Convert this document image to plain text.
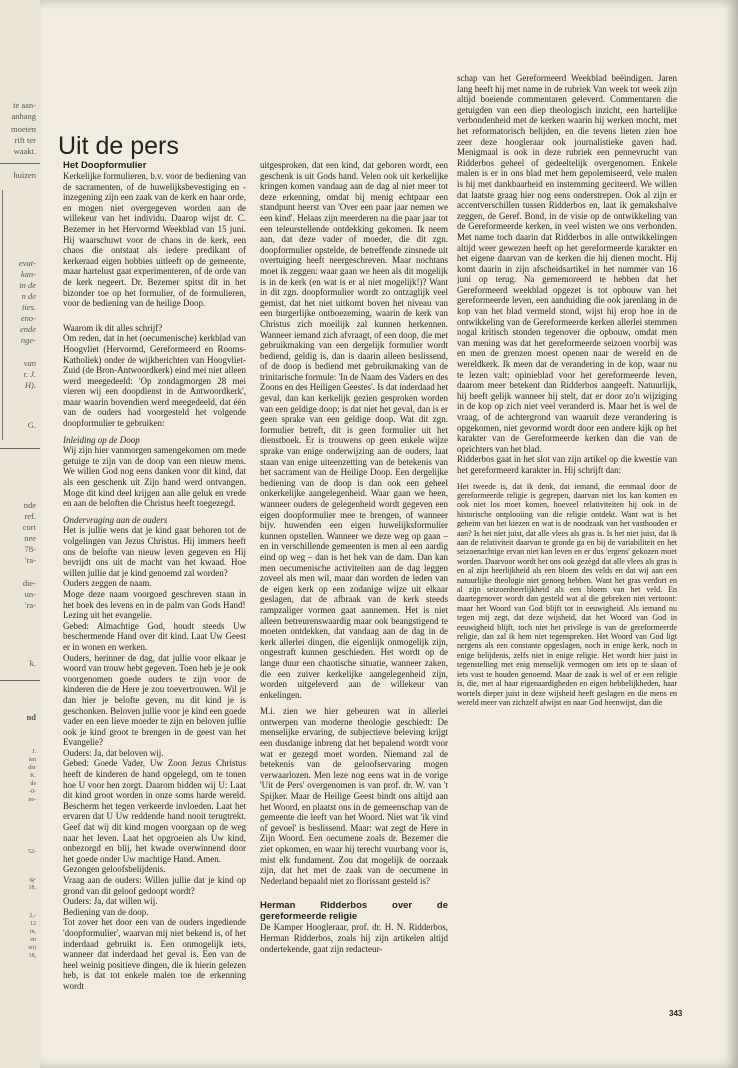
te aan-
anhang
moeten
rift ter
waakt.
huizen
evat-
kan-
in de
n de
ties.
eno-
ende
nge-
van
r. J.
H).
G.
nde
ref.
cort
nee
78-
'ra-
die-
un-
'ra-
k.
nd
J.
ten
der
K.
de
-0-
ne-
52-
ig-
18,
2,-
12
in,
en
en)
18,
Uit de pers

Het Doopformulier

Kerkelijke formulieren, b.v. voor de bediening van de sacramenten, of de huwelijksbevestiging en -inzegening zijn een zaak van de kerk en haar orde, en mogen niet overgegeven worden aan de willekeur van het individu. Daarop wijst dr. C. Bezemer in het Hervormd Weekblad van 15 juni. Hij waarschuwt voor de chaos in de kerk, een chaos die ontstaat als iedere predikant of kerkeraad eigen hobbies uitleeft op de gemeente, maar hartelust gaat experimenteren, of de orde van de kerk negeert. Dr. Bezemer spitst dit in het bizonder toe op het formulier, of de formulieren, voor de bediening van de heilige Doop.

Waarom ik dit alles schrijf?

Om reden, dat in het (oecumenische) kerkblad van Hoogvliet (Hervormd, Gereformeerd en Rooms-Katholiek) onder de wijkberichten van Hoogvliet-Zuid (de Bron-Antwoordkerk) eind mei niet alleen werd meegedeeld: 'Op zondagmorgen 28 mei vieren wij een doopdienst in de Antwoordkerk', maar waarin bovendien werd meegedeeld, dat één van de ouders had voorgesteld het volgende doopformulier te gebruiken:

Inleiding op de Doop

Wij zijn hier vanmorgen samengekomen om mede getuige te zijn van de doop van een nieuw mens. We willen God nog eens danken voor dit kind, dat als een geschenk uit Zijn hand werd ontvangen. Moge dit kind deel krijgen aan alle geluk en vrede en aan de beloften die Christus heeft toegezegd.

Ondervraging aan de ouders

Het is jullie wens dat je kind gaat behoren tot de volgelingen van Jezus Christus. Hij immers heeft ons de belofte van nieuw leven gegeven en Hij bevrijdt ons uit de macht van het kwaad. Hoe willen jullie dat je kind genoemd zal worden?

Ouders zeggen de naam.

Moge deze naam voorgoed geschreven staan in het boek des levens en in de palm van Gods Hand!

Lezing uit het evangelie.

Gebed: Almachtige God, houdt steeds Uw beschermende Hand over dit kind. Laat Uw Geest er in wonen en werken.

Ouders, herinner de dag, dat jullie voor elkaar je woord van trouw hebt gegeven. Toen heb je je ook voorgenomen goede ouders te zijn voor de kinderen die de Here je zou toevertrouwen. Wil je dan hier je belofte geven, nu dit kind je is geschonken. Beloven jullie voor je kind een goede vader en een lieve moeder te zijn en beloven jullie ook je kind groot te brengen in de geest van het Evangelie?

Ouders: Ja, dat beloven wij.

Gebed: Goede Vader, Uw Zoon Jezus Christus heeft de kinderen de hand opgelegd, om te tonen hoe U voor hen zorgt. Daarom bidden wij U: Laat dit kind groot worden in onze soms harde wereld. Bescherm het tegen verkeerde invloeden. Laat het ervaren dat U Uw reddende hand nooit terugtrekt. Geef dat wij dit kind mogen voorgaan op de weg naar het leven. Laat het opgroeien als Uw kind, onbezorgd en blij, het kwade overwinnend door het goede onder Uw machtige Hand. Amen.

Gezongen geloofsbelijdenis.

Vraag aan de ouders: Willen jullie dat je kind op grond van dit geloof gedoopt wordt?

Ouders: Ja, dat willen wij.

Bediening van de doop.

Tot zover het door een van de ouders ingediende 'doopformulier', waarvan mij niet bekend is, of het inderdaad gebruikt is. Een onmogelijk iets, wanneer dat inderdaad het geval is. Een van de heel weinig positieve dingen, die ik hierin gelezen heb, is dat tot enkele malen toe de erkenning wordt

uitgesproken, dat een kind, dat geboren wordt, een geschenk is uit Gods hand. Velen ook uit kerkelijke kringen komen vandaag aan de dag al niet meer tot deze erkenning, omdat bij menig echtpaar een standpunt heerst van 'Over een paar jaar nemen we een kind'. Helaas zijn meerderen na die paar jaar tot een teleurstellende ontdekking gekomen. Ik neem aan, dat deze vader of moeder, die dit zgn. doopformulier opstelde, de betreffende zinsnede uit overtuiging heeft neergeschreven. Maar nochtans moet ik zeggen: waar gaan we heen als dit mogelijk is in de kerk (en wat is er al niet mogelijk!)? Want in dit zgn. doopformulier wordt zo ontzaglijk veel gemist, dat het niet uitkomt boven het niveau van een burgerlijke ontboezeming, waarin de kerk van Christus zich moeilijk zal kunnen herkennen. Wanneer iemand zich afvraagt, of een doop, die met gebruikmaking van een dergelijk formulier wordt bediend, geldig is, dan is daarin alleen beslissend, of de doop is bediend met gebruikmaking van de trinitarische formule: 'In de Naam des Vaders en des Zoons en des Heiligen Geestes'. Is dat inderdaad het geval, dan kan kerkelijk gezien gesproken worden van een geldige doop; is dat niet het geval, dan is er geen sprake van een geldige doop. Wat dit zgn. formulier betreft, dit is geen formulier uit het dienstboek. Er is trouwens op geen enkele wijze sprake van enige onderwijzing aan de ouders, laat staan van enige uiteenzetting van de betekenis van het sacrament van de Heilige Doop. Een dergelijke bediening van de doop is dan ook een geheel onkerkelijke aangelegenheid. Waar gaan we heen, wanneer ouders de gelegenheid wordt gegeven een eigen doopformulier mee te brengen, of wanneer bijv. huwenden een eigen huwelijksformulier kunnen opstellen. Wanneer we deze weg op gaan – en in verschillende gemeenten is men al een aardig eind op weg – dan is het hek van de dam. Dan kan men oecumenische activiteiten aan de dag leggen zoveel als men wil, maar dan worden de leden van de eigen kerk op een zodanige wijze uit elkaar geslagen, dat de afbraak van de kerk steeds rampzaliger vormen gaat aannemen. Het is niet alleen betreurenswaardig maar ook beangstigend te moeten ontdekken, dat vandaag aan de dag in de kerk allerlei dingen, die eigenlijk onmogelijk zijn, ongestraft kunnen geschieden. Het wordt op de lange duur een chaotische situatie, wanneer zaken, die een zuiver kerkelijke aangelegenheid zijn, worden uitgeleverd aan de willekeur van enkelingen.

M.i. zien we hier gebeuren wat in allerlei ontwerpen van moderne theologie geschiedt: De menselijke ervaring, de subjectieve beleving krijgt een dusdanige inbreng dat het bepalend wordt voor wat er gezegd moet worden. Niemand zal de betekenis van de geloofservaring mogen verwaarlozen. Men leze nog eens wat in de vorige 'Uit de Pers' overgenomen is van prof. dr. W. van 't Spijker. Maar de Heilige Geest bindt ons altijd aan het Woord, en plaatst ons in de gemeenschap van de gemeente die leeft van het Woord. Niet wat 'ik vind of gevoel' is beslissend. Maar: wat zegt de Here in Zijn Woord. Een oecumene zoals dr. Bezemer die ziet opkomen, en waar hij terecht vuurbang voor is, mist elk fundament. Zou dat mogelijk de oorzaak zijn, dat het met de zaak van de oecumene in Nederland bepaald niet zo florissant gesteld is?

Herman Ridderbos over de gereformeerde religie

De Kamper Hoogleraar, prof. dr. H. N. Ridderbos, Herman Ridderbos, zoals hij zijn artikelen altijd ondertekende, gaat zijn redacteur-

schap van het Gereformeerd Weekblad beëindigen. Jaren lang heeft hij met name in de rubriek Van week tot week zijn altijd boeiende commentaren geleverd. Commentaren die getuigden van een diep theologisch inzicht, een hartelijke verbondenheid met de kerken waarin hij werken mocht, met het reformatorisch belijden, en die tevens lieten zien hoe zeer deze hoogleraar ook journalistieke gaven had. Menigmaal is ook in deze rubriek een pennevrucht van Ridderbos geheel of gedeeltelijk overgenomen. Enkele malen is er in ons blad met hem gepolemiseerd, vele malen is hij met dankbaarheid en instemming geciteerd. We willen dat laatste graag hier nog eens onderstrepen. Ook al zijn er accentverschillen tussen Ridderbos en, laat ik gemakshalve zeggen, de Geref. Bond, in de visie op de ontwikkeling van de Gereformeerde kerken, in veel wisten we ons verbonden. Met name toch daarin dat Ridderbos in alle ontwikkelingen altijd weer gewezen heeft op het gereformeerde karakter en het eigene daarvan van de kerken die hij dienen mocht. Hij komt daarin in zijn afscheidsartikel in het nummer van 16 juni op terug. Na gememoreerd te hebben dat het Gereformeerd weekblad opgezet is tot opbouw van het gereformeerde leven, een aanduiding die ook jarenlang in de kop van het blad vermeld stond, wijst hij erop hoe in de ontwikkeling van de Gereformeerde kerken allerlei stemmen nogal kritisch stonden tegenover die opbouw, omdat men van mening was dat het gereformeerde seizoen voorbij was en men de grenzen moest openen naar de wereld en de wereldkerk. Ik meen dat de verandering in de kop, waar nu te lezen valt: opinieblad voor het gereformeerde leven, daarom meer betekent dan Ridderbos aangeeft. Natuurlijk, hij heeft gelijk wanneer hij stelt, dat er door zo'n wijziging in de kop op zich niet veel veranderd is. Maar het is wel de vraag, of de achtergrond van waaruit deze verandering is opgekomen, niet gevormd wordt door een andere kijk op het karakter van de Gereformeerde kerken dan die van de oprichters van het blad.

Ridderbos gaat in het slot van zijn artikel op die kwestie van het gereformeerd karakter in. Hij schrijft dan:

Het tweede is, dat ik denk, dat iemand, die eenmaal door de gereformeerde religie is gegrepen, daarvan niet los kan komen en ook niet los moet komen, hoeveel relativiteiten hij ook in de historische ontplooiing van die religie ontdekt. Want wat is het geheim van het kiezen en wat is de noodzaak van het vasthouden er aan? Is het niet juist, dat alle vlees als gras is. Is het niet juist, dat ik aan de relativiteit daarvan te gronde ga en bij de variabiliteit en het seizoenachtige ervan niet kan leven en er dus 'ergens' gekozen moet worden. Daarvoor wordt het ons ook gezègd dat alle vlees als gras is en al zijn heerlijkheid als een bloem des velds en dat wij aan een natuurlijke theologie niet genoeg hebben. Want het gras verdort en al zijn seizoenheerlijkheid als een bloem van het veld. En daartegenover wordt dan gesteld wat al die gebreken niet vertoont: maar het Woord van God blijft tot in eeuwigheid. Als iemand nu tegen mij zegt, dat deze wijsheid, dat het Woord van God in eeuwigheid blijft, toch niet het privilege is van de gereformeerde religie, dan zal ik hem niet tegenspreken. Het Woord van God ligt nergens als een constante opgeslagen, noch in enige kerk, noch in enige belijdenis, zelfs niet in enige religie. Het wordt hier juist in tegenstelling met enig menselijk vermogen om iets op te slaan of iets vast te houden genoemd. Maar de zaak is wel of er een religie is, die, met al haar eigenaardigheden en eigen hebbelijkheden, haar wortels dieper juist in deze wijsheid heeft geslagen en die mens en wereld meer van zichzelf afwijst en naar God heenwijst, dan die

343
